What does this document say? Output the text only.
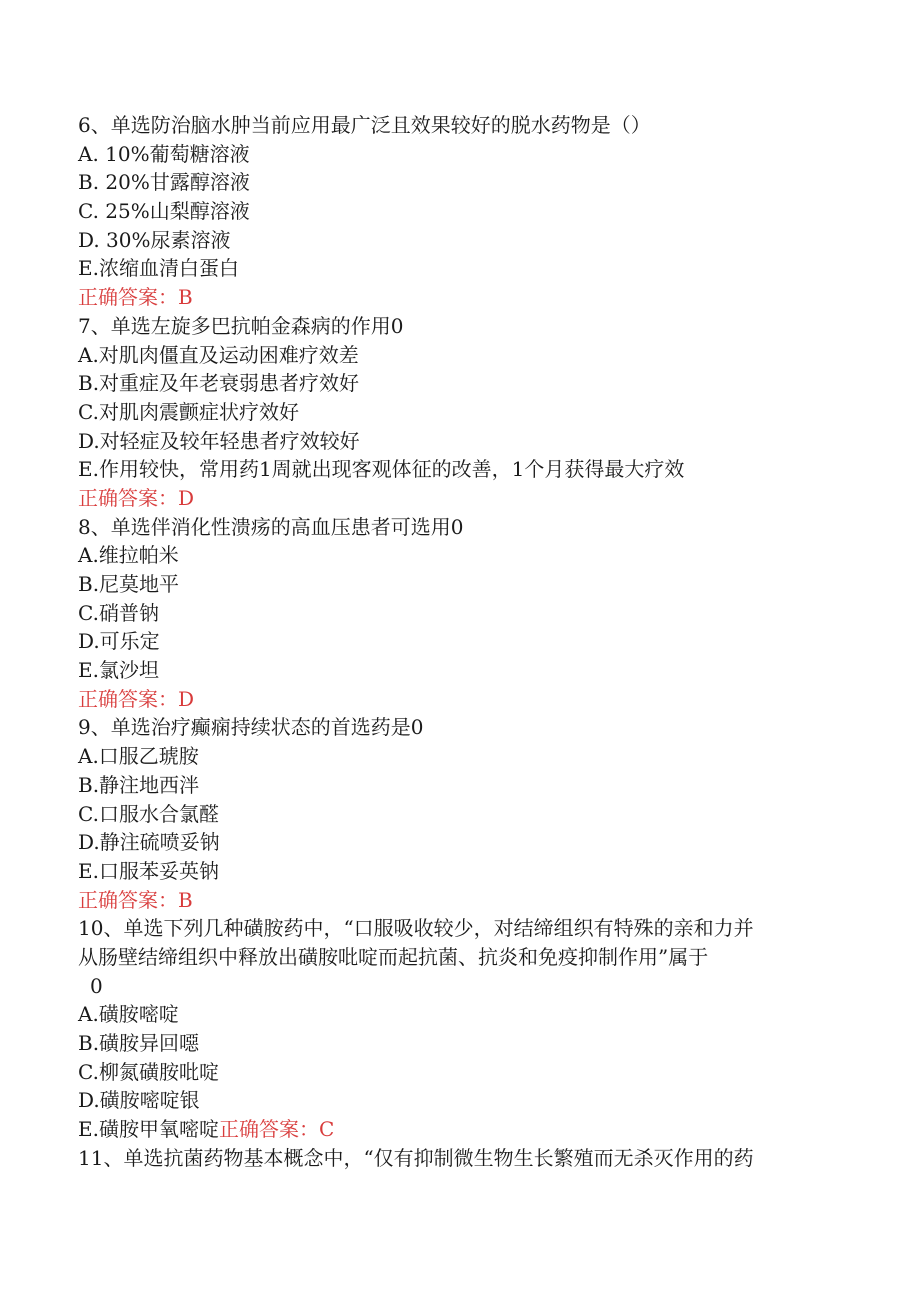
6、单选防治脑水肿当前应用最广泛且效果较好的脱水药物是（）
A. 10%葡萄糖溶液
B. 20%甘露醇溶液
C. 25%山梨醇溶液
D. 30%尿素溶液
E.浓缩血清白蛋白
正确答案：B
7、单选左旋多巴抗帕金森病的作用0
A.对肌肉僵直及运动困难疗效差
B.对重症及年老衰弱患者疗效好
C.对肌肉震颤症状疗效好
D.对轻症及较年轻患者疗效较好
E.作用较快，常用药1周就出现客观体征的改善，1个月获得最大疗效
正确答案：D
8、单选伴消化性溃疡的高血压患者可选用0
A.维拉帕米
B.尼莫地平
C.硝普钠
D.可乐定
E.氯沙坦
正确答案：D
9、单选治疗癫痫持续状态的首选药是0
A.口服乙琥胺
B.静注地西泮
C.口服水合氯醛
D.静注硫喷妥钠
E.口服苯妥英钠
正确答案：B
10、单选下列几种磺胺药中，“口服吸收较少，对结缔组织有特殊的亲和力并
从肠壁结缔组织中释放出磺胺吡啶而起抗菌、抗炎和免疫抑制作用”属于
0
A.磺胺嘧啶
B.磺胺异回噁
C.柳氮磺胺吡啶
D.磺胺嘧啶银
E.磺胺甲氧嘧啶正确答案：C
11、单选抗菌药物基本概念中，“仅有抑制微生物生长繁殖而无杀灭作用的药
